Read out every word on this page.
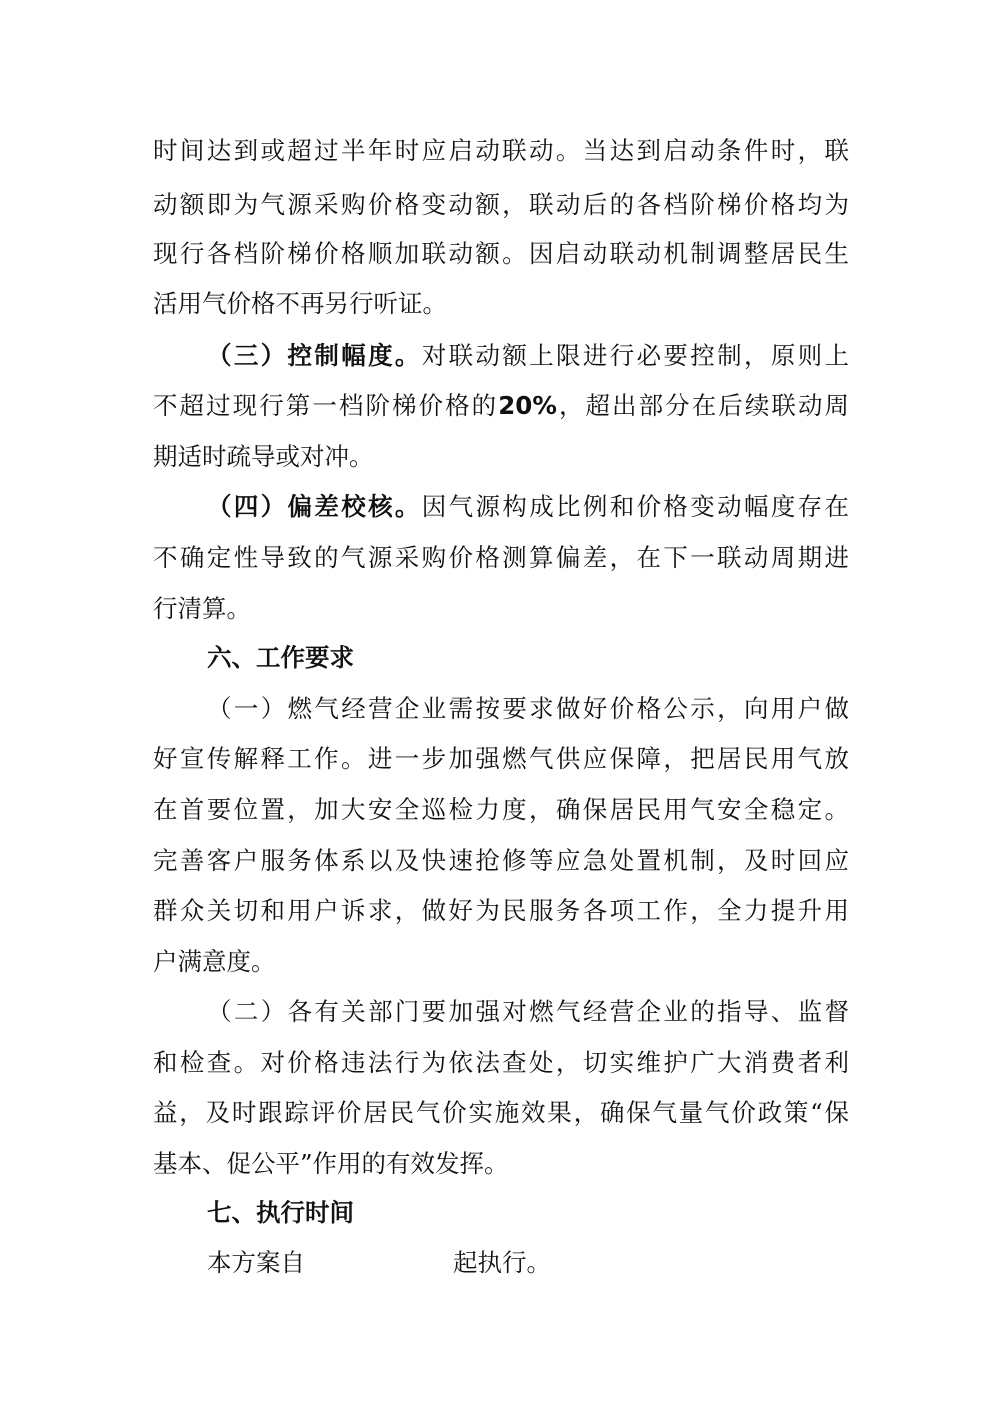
时间达到或超过半年时应启动联动。当达到启动条件时，联
动额即为气源采购价格变动额，联动后的各档阶梯价格均为
现行各档阶梯价格顺加联动额。因启动联动机制调整居民生
活用气价格不再另行听证。
（三）控制幅度。对联动额上限进行必要控制，原则上
不超过现行第一档阶梯价格的20%，超出部分在后续联动周
期适时疏导或对冲。
（四）偏差校核。因气源构成比例和价格变动幅度存在
不确定性导致的气源采购价格测算偏差，在下一联动周期进
行清算。
六、工作要求
（一）燃气经营企业需按要求做好价格公示，向用户做
好宣传解释工作。进一步加强燃气供应保障，把居民用气放
在首要位置，加大安全巡检力度，确保居民用气安全稳定。
完善客户服务体系以及快速抢修等应急处置机制，及时回应
群众关切和用户诉求，做好为民服务各项工作，全力提升用
户满意度。
（二）各有关部门要加强对燃气经营企业的指导、监督
和检查。对价格违法行为依法查处，切实维护广大消费者利
益，及时跟踪评价居民气价实施效果，确保气量气价政策“保
基本、促公平”作用的有效发挥。
七、执行时间
本方案自	起执行。
